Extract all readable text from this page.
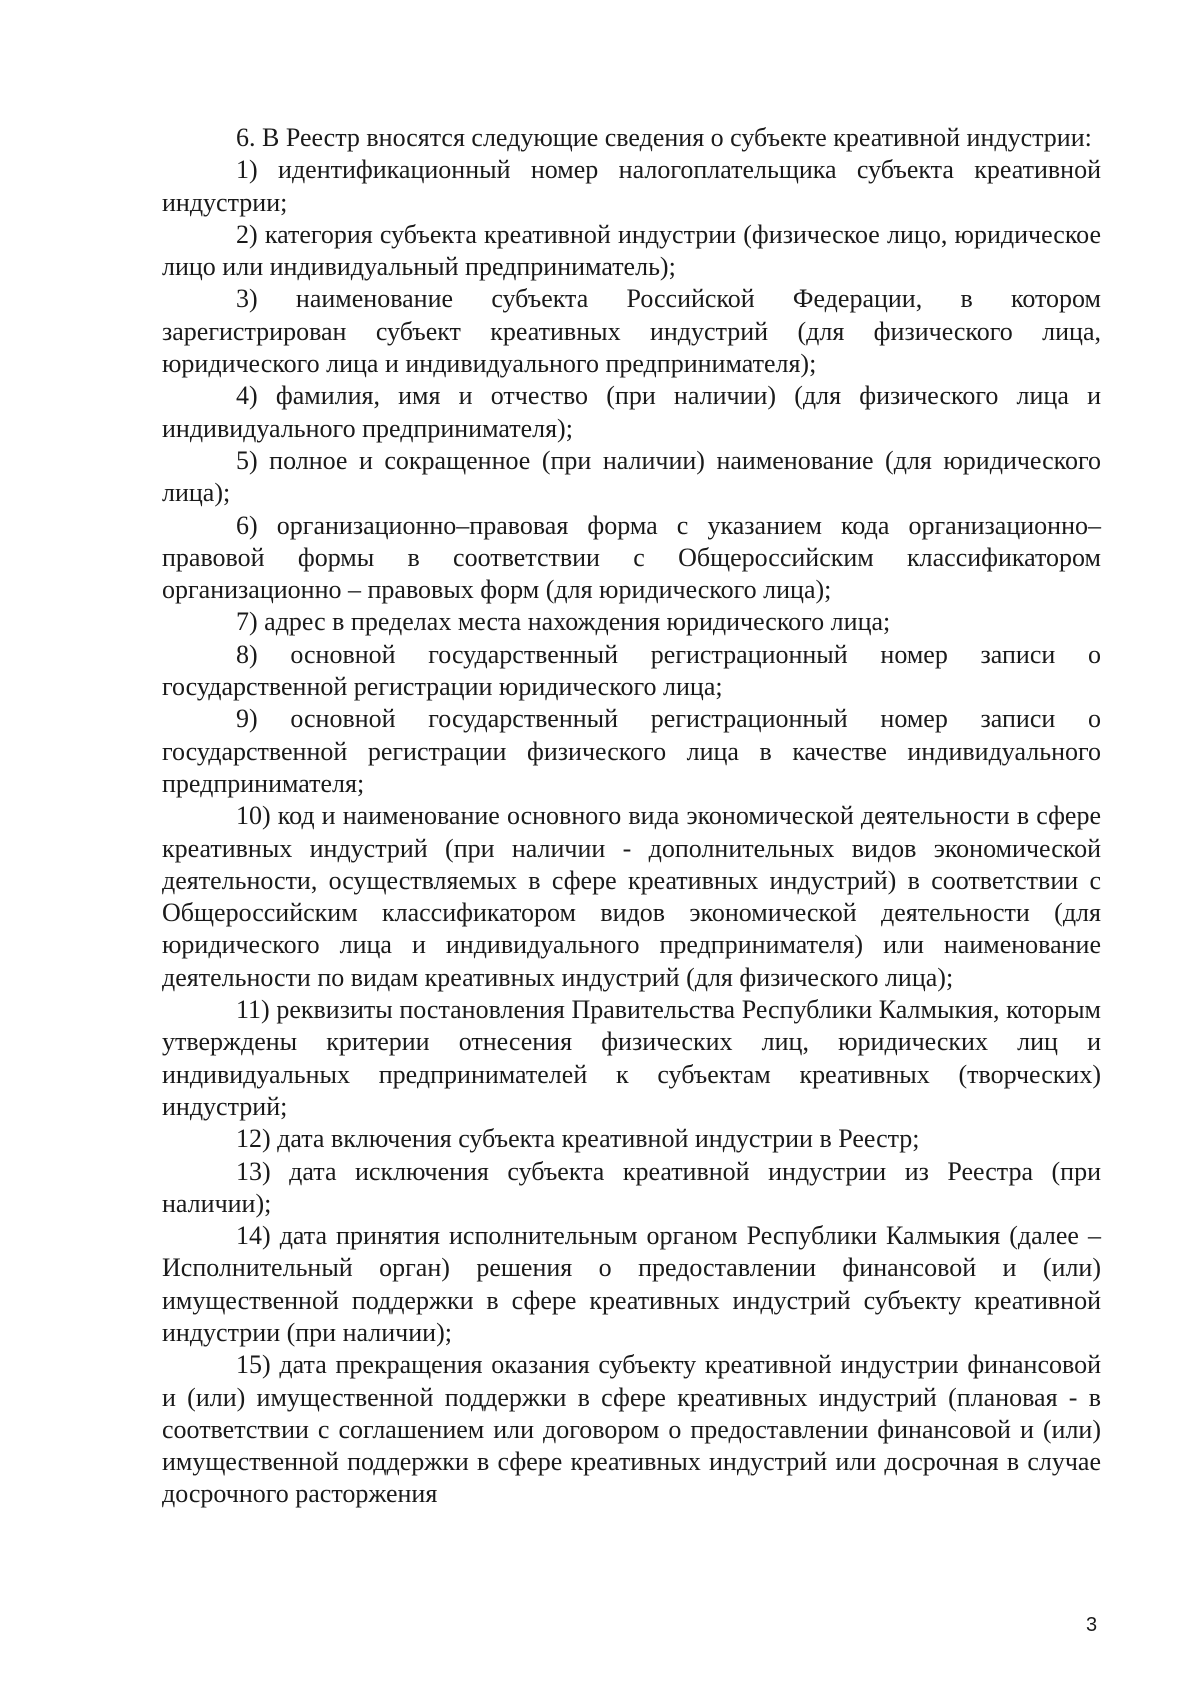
6. В Реестр вносятся следующие сведения о субъекте креативной индустрии:

1) идентификационный номер налогоплательщика субъекта креативной индустрии;

2) категория субъекта креативной индустрии (физическое лицо, юридическое лицо или индивидуальный предприниматель);

3) наименование субъекта Российской Федерации, в котором зарегистрирован субъект креативных индустрий (для физического лица, юридического лица и индивидуального предпринимателя);

4) фамилия, имя и отчество (при наличии) (для физического лица и индивидуального предпринимателя);

5) полное и сокращенное (при наличии) наименование (для юридического лица);

6) организационно–правовая форма с указанием кода организационно–правовой формы в соответствии с Общероссийским классификатором организационно – правовых форм (для юридического лица);

7) адрес в пределах места нахождения юридического лица;

8) основной государственный регистрационный номер записи о государственной регистрации юридического лица;

9) основной государственный регистрационный номер записи о государственной регистрации физического лица в качестве индивидуального предпринимателя;

10) код и наименование основного вида экономической деятельности в сфере креативных индустрий (при наличии - дополнительных видов экономической деятельности, осуществляемых в сфере креативных индустрий) в соответствии с Общероссийским классификатором видов экономической деятельности (для юридического лица и индивидуального предпринимателя) или наименование деятельности по видам креативных индустрий (для физического лица);

11) реквизиты постановления Правительства Республики Калмыкия, которым утверждены критерии отнесения физических лиц, юридических лиц и индивидуальных предпринимателей к субъектам креативных (творческих) индустрий;

12) дата включения субъекта креативной индустрии в Реестр;

13) дата исключения субъекта креативной индустрии из Реестра (при наличии);

14) дата принятия исполнительным органом Республики Калмыкия (далее – Исполнительный орган) решения о предоставлении финансовой и (или) имущественной поддержки в сфере креативных индустрий субъекту креативной индустрии (при наличии);

15) дата прекращения оказания субъекту креативной индустрии финансовой и (или) имущественной поддержки в сфере креативных индустрий (плановая - в соответствии с соглашением или договором о предоставлении финансовой и (или) имущественной поддержки в сфере креативных индустрий или досрочная в случае досрочного расторжения

3
